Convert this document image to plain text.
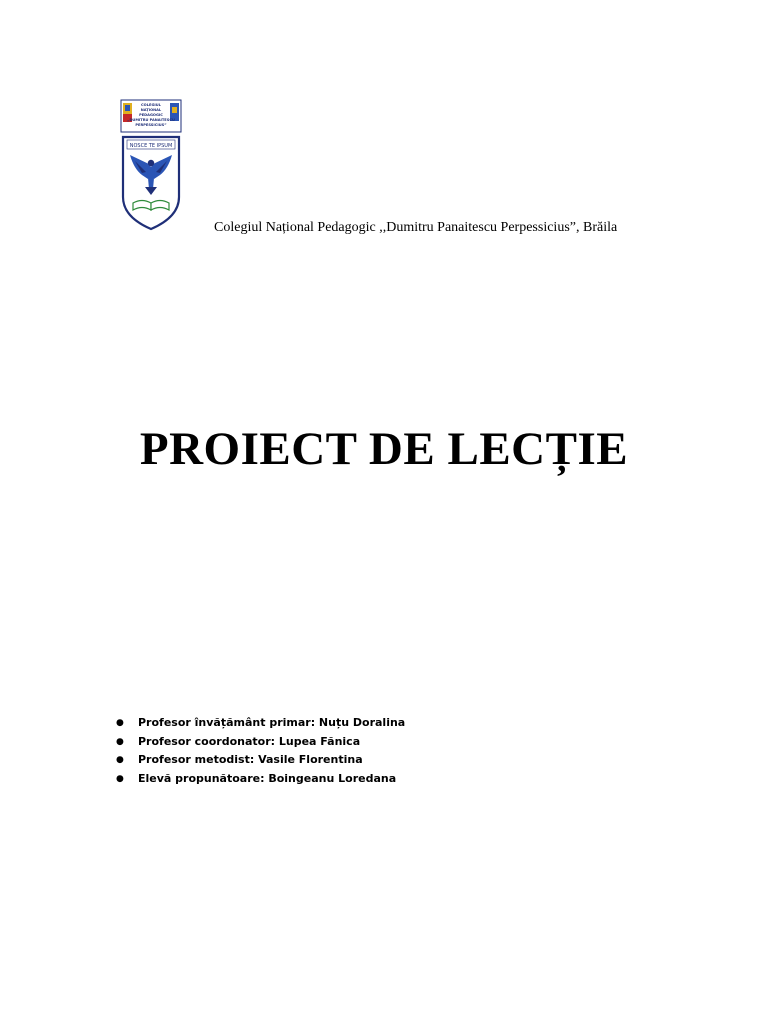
COLEGIUL
NAȚIONAL
PEDAGOGIC
„DUMITRU PANAITESCU
PERPESSICIUS”
NOSCE TE IPSUM
Colegiul Național Pedagogic ,,Dumitru Panaitescu Perpessicius”, Brăila
PROIECT DE LECȚIE
● Profesor învățământ primar: Nuțu Doralina
● Profesor coordonator: Lupea Fănica
● Profesor metodist: Vasile Florentina
● Elevă propunătoare: Boingeanu Loredana
